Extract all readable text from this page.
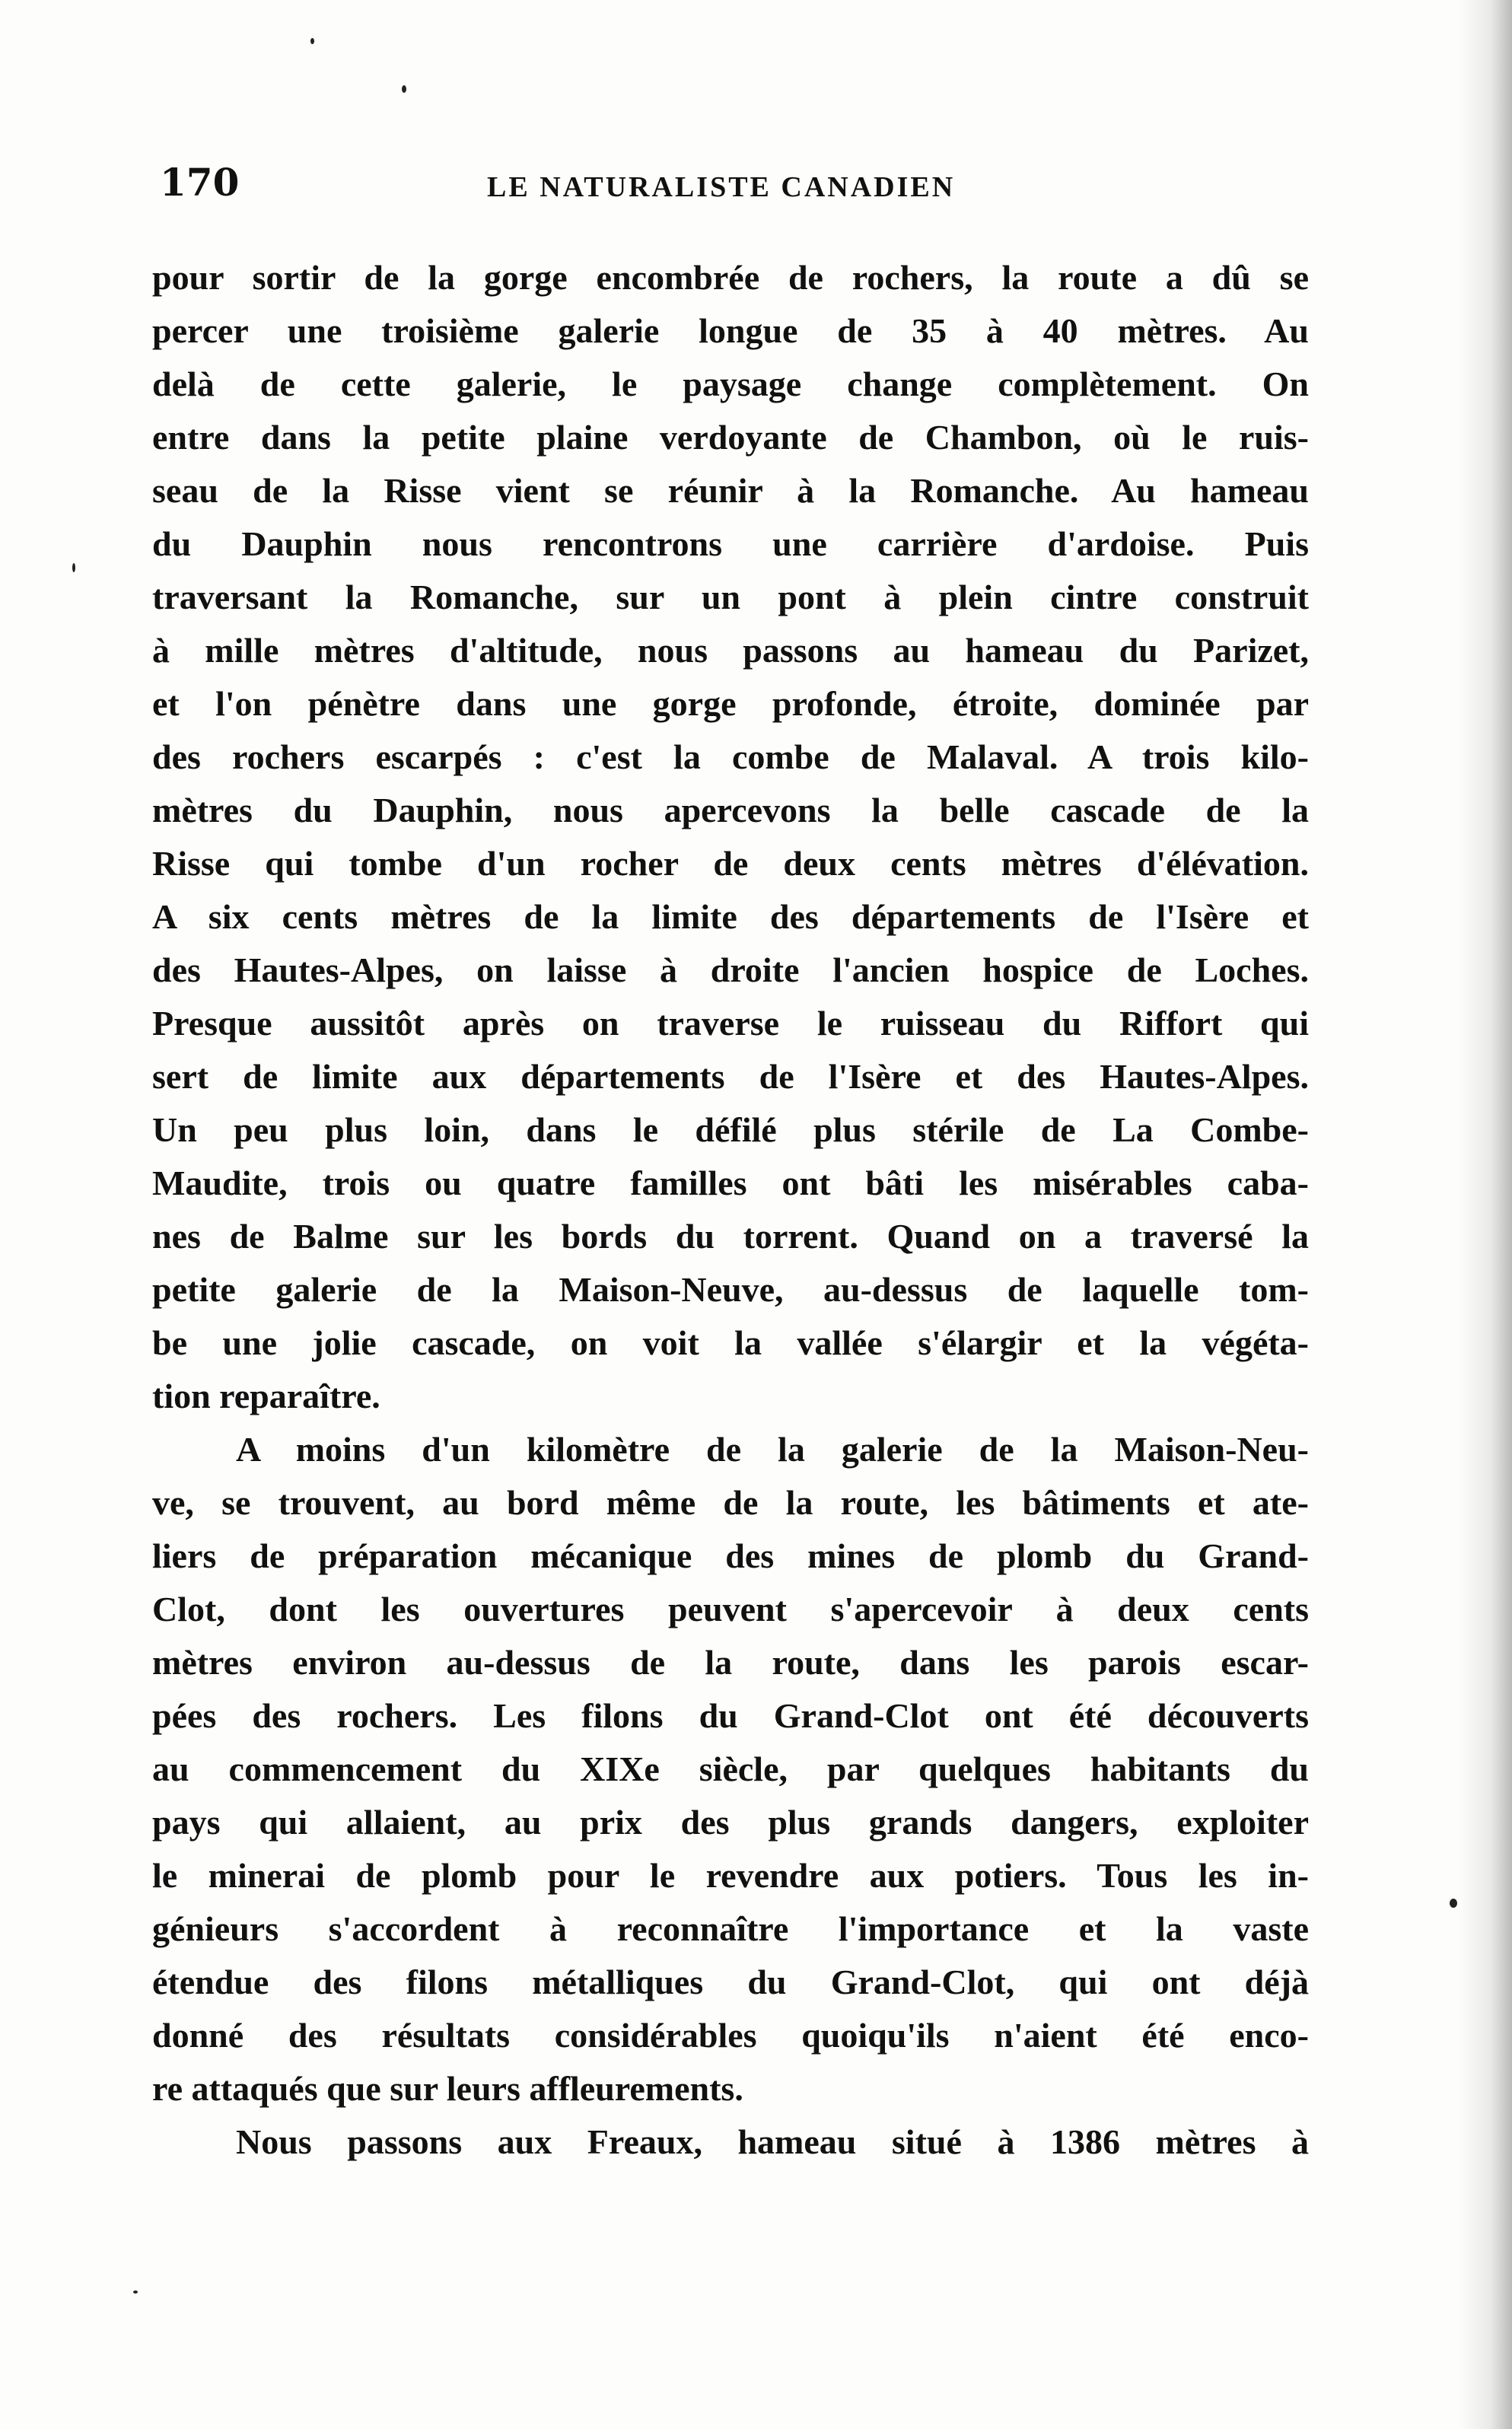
170	LE NATURALISTE CANADIEN
pour sortir de la gorge encombrée de rochers, la route a dû se
percer une troisième galerie longue de 35 à 40 mètres. Au
delà de cette galerie, le paysage change complètement. On
entre dans la petite plaine verdoyante de Chambon, où le ruis-
seau de la Risse vient se réunir à la Romanche. Au hameau
du Dauphin nous rencontrons une carrière d'ardoise. Puis
traversant la Romanche, sur un pont à plein cintre construit
à mille mètres d'altitude, nous passons au hameau du Parizet,
et l'on pénètre dans une gorge profonde, étroite, dominée par
des rochers escarpés : c'est la combe de Malaval. A trois kilo-
mètres du Dauphin, nous apercevons la belle cascade de la
Risse qui tombe d'un rocher de deux cents mètres d'élévation.
A six cents mètres de la limite des départements de l'Isère et
des Hautes-Alpes, on laisse à droite l'ancien hospice de Loches.
Presque aussitôt après on traverse le ruisseau du Riffort qui
sert de limite aux départements de l'Isère et des Hautes-Alpes.
Un peu plus loin, dans le défilé plus stérile de La Combe-
Maudite, trois ou quatre familles ont bâti les misérables caba-
nes de Balme sur les bords du torrent. Quand on a traversé la
petite galerie de la Maison-Neuve, au-dessus de laquelle tom-
be une jolie cascade, on voit la vallée s'élargir et la végéta-
tion reparaître.
A moins d'un kilomètre de la galerie de la Maison-Neu-
ve, se trouvent, au bord même de la route, les bâtiments et ate-
liers de préparation mécanique des mines de plomb du Grand-
Clot, dont les ouvertures peuvent s'apercevoir à deux cents
mètres environ au-dessus de la route, dans les parois escar-
pées des rochers. Les filons du Grand-Clot ont été découverts
au commencement du XIXe siècle, par quelques habitants du
pays qui allaient, au prix des plus grands dangers, exploiter
le minerai de plomb pour le revendre aux potiers. Tous les in-
génieurs s'accordent à reconnaître l'importance et la vaste
étendue des filons métalliques du Grand-Clot, qui ont déjà
donné des résultats considérables quoiqu'ils n'aient été enco-
re attaqués que sur leurs affleurements.
Nous passons aux Freaux, hameau situé à 1386 mètres à
